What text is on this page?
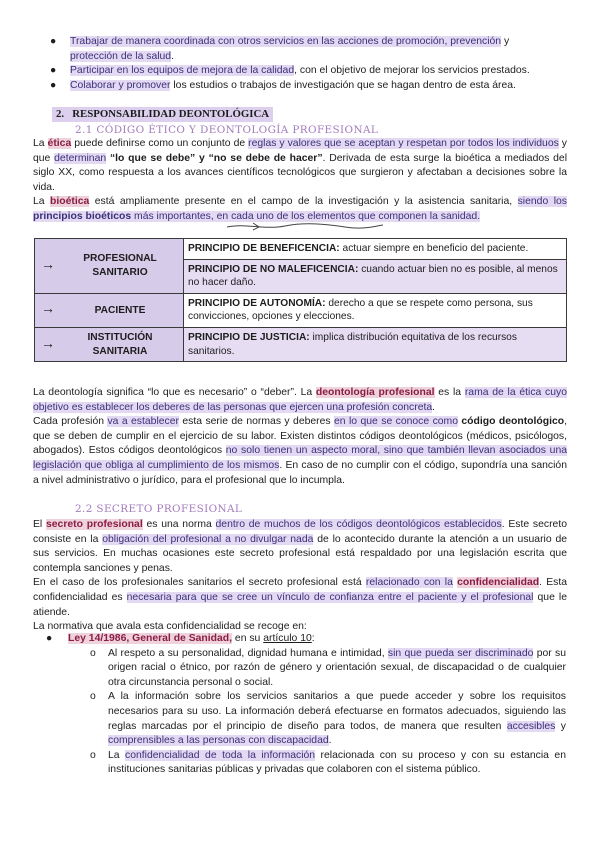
● Trabajar de manera coordinada con otros servicios en las acciones de promoción, prevención y
protección de la salud.
● Participar en los equipos de mejora de la calidad, con el objetivo de mejorar los servicios prestados.
● Colaborar y promover los estudios o trabajos de investigación que se hagan dentro de esta área.
2. RESPONSABILIDAD DEONTOLÓGICA
2.1 CÓDIGO ÉTICO Y DEONTOLOGÍA PROFESIONAL

La ética puede definirse como un conjunto de reglas y valores que se aceptan y respetan por todos los individuos y que determinan “lo que se debe” y “no se debe de hacer”. Derivada de esta surge la bioética a mediados del siglo XX, como respuesta a los avances científicos tecnológicos que surgieron y afectaban a decisiones sobre la vida.

La bioética está ampliamente presente en el campo de la investigación y la asistencia sanitaria, siendo los principios bioéticos más importantes, en cada uno de los elementos que componen la sanidad.

→ PROFESIONAL SANITARIO	PRINCIPIO DE BENEFICENCIA: actuar siempre en beneficio del paciente.
	PRINCIPIO DE NO MALEFICENCIA: cuando actuar bien no es posible, al menos no hacer daño.

→ PACIENTE	PRINCIPIO DE AUTONOMÍA: derecho a que se respete como persona, sus convicciones, opciones y elecciones.

→ INSTITUCIÓN SANITARIA	PRINCIPIO DE JUSTICIA: implica distribución equitativa de los recursos sanitarios.

La deontología significa “lo que es necesario” o “deber”. La deontología profesional es la rama de la ética cuyo objetivo es establecer los deberes de las personas que ejercen una profesión concreta.
Cada profesión va a establecer esta serie de normas y deberes en lo que se conoce como código deontológico, que se deben de cumplir en el ejercicio de su labor. Existen distintos códigos deontológicos (médicos, psicólogos, abogados). Estos códigos deontológicos no solo tienen un aspecto moral, sino que también llevan asociados una legislación que obliga al cumplimiento de los mismos. En caso de no cumplir con el código, supondría una sanción a nivel administrativo o jurídico, para el profesional que lo incumpla.

2.2 SECRETO PROFESIONAL

El secreto profesional es una norma dentro de muchos de los códigos deontológicos establecidos. Este secreto consiste en la obligación del profesional a no divulgar nada de lo acontecido durante la atención a un usuario de sus servicios. En muchas ocasiones este secreto profesional está respaldado por una legislación escrita que contempla sanciones y penas.
En el caso de los profesionales sanitarios el secreto profesional está relacionado con la confidencialidad. Esta confidencialidad es necesaria para que se cree un vínculo de confianza entre el paciente y el profesional que le atiende.
La normativa que avala esta confidencialidad se recoge en:

● Ley 14/1986, General de Sanidad, en su artículo 10:
o Al respeto a su personalidad, dignidad humana e intimidad, sin que pueda ser discriminado por su origen racial o étnico, por razón de género y orientación sexual, de discapacidad o de cualquier otra circunstancia personal o social.
o A la información sobre los servicios sanitarios a que puede acceder y sobre los requisitos necesarios para su uso. La información deberá efectuarse en formatos adecuados, siguiendo las reglas marcadas por el principio de diseño para todos, de manera que resulten accesibles y comprensibles a las personas con discapacidad.
o La confidencialidad de toda la información relacionada con su proceso y con su estancia en instituciones sanitarias públicas y privadas que colaboren con el sistema público.
